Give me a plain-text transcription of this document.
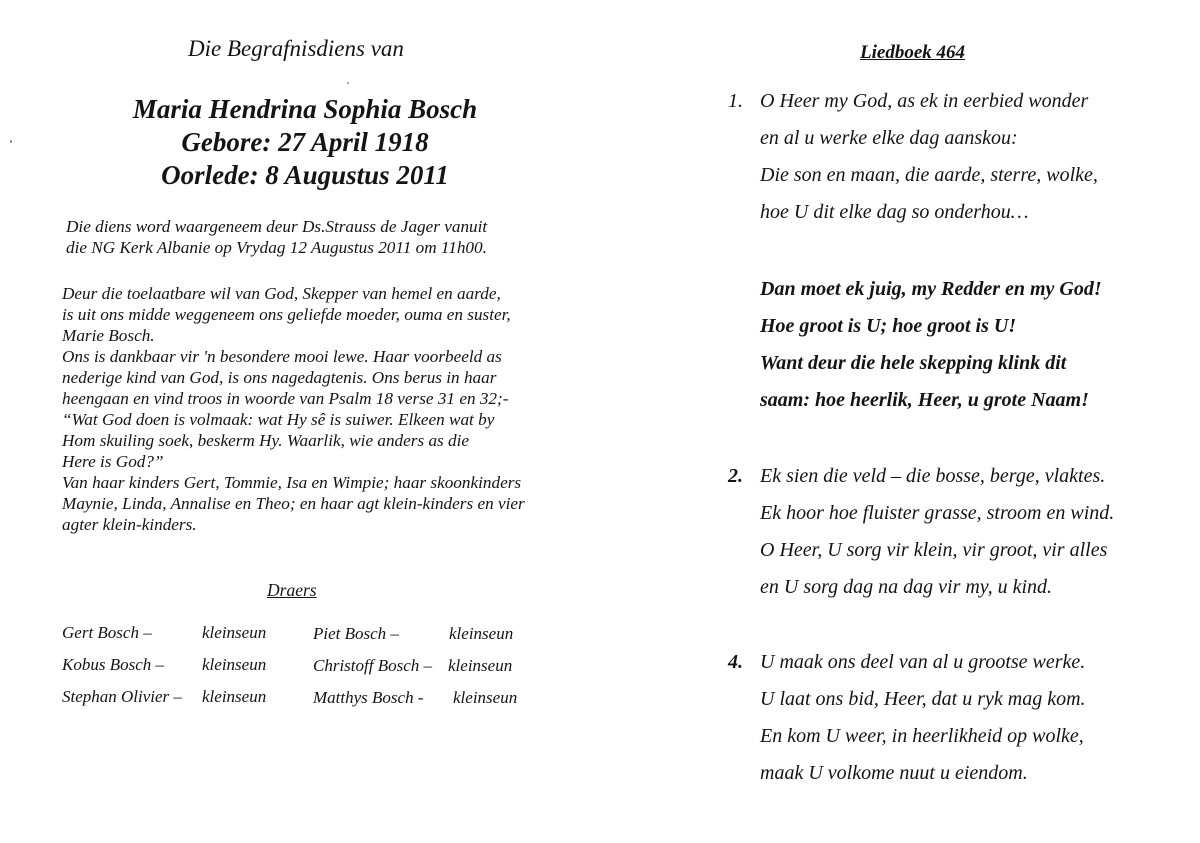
Die Begrafnisdiens van
Maria Hendrina Sophia Bosch
Gebore: 27 April 1918
Oorlede: 8 Augustus 2011
Die diens word waargeneem deur Ds.Strauss de Jager vanuit
die NG Kerk Albanie op Vrydag 12 Augustus 2011 om 11h00.
Deur die toelaatbare wil van God, Skepper van hemel en aarde,
is uit ons midde weggeneem ons geliefde moeder, ouma en suster,
Marie Bosch.
Ons is dankbaar vir 'n besondere mooi lewe. Haar voorbeeld as
nederige kind van God, is ons nagedagtenis. Ons berus in haar
heengaan en vind troos in woorde van Psalm 18 verse 31 en 32;-
“Wat God doen is volmaak: wat Hy sê is suiwer. Elkeen wat by
Hom skuiling soek, beskerm Hy. Waarlik, wie anders as die
Here is God?”
Van haar kinders Gert, Tommie, Isa en Wimpie; haar skoonkinders
Maynie, Linda, Annalise en Theo; en haar agt klein-kinders en vier
agter klein-kinders.
Draers
Gert Bosch –	kleinseun
Kobus Bosch – kleinseun
Stephan Olivier – kleinseun
Piet Bosch –	kleinseun
Christoff Bosch – kleinseun
Matthys Bosch - kleinseun
Liedboek 464
1. O Heer my God, as ek in eerbied wonder
en al u werke elke dag aanskou:
Die son en maan, die aarde, sterre, wolke,
hoe U dit elke dag so onderhou…
Dan moet ek juig, my Redder en my God!
Hoe groot is U; hoe groot is U!
Want deur die hele skepping klink dit
saam: hoe heerlik, Heer, u grote Naam!
2. Ek sien die veld – die bosse, berge, vlaktes.
Ek hoor hoe fluister grasse, stroom en wind.
O Heer, U sorg vir klein, vir groot, vir alles
en U sorg dag na dag vir my, u kind.
4. U maak ons deel van al u grootse werke.
U laat ons bid, Heer, dat u ryk mag kom.
En kom U weer, in heerlikheid op wolke,
maak U volkome nuut u eiendom.
